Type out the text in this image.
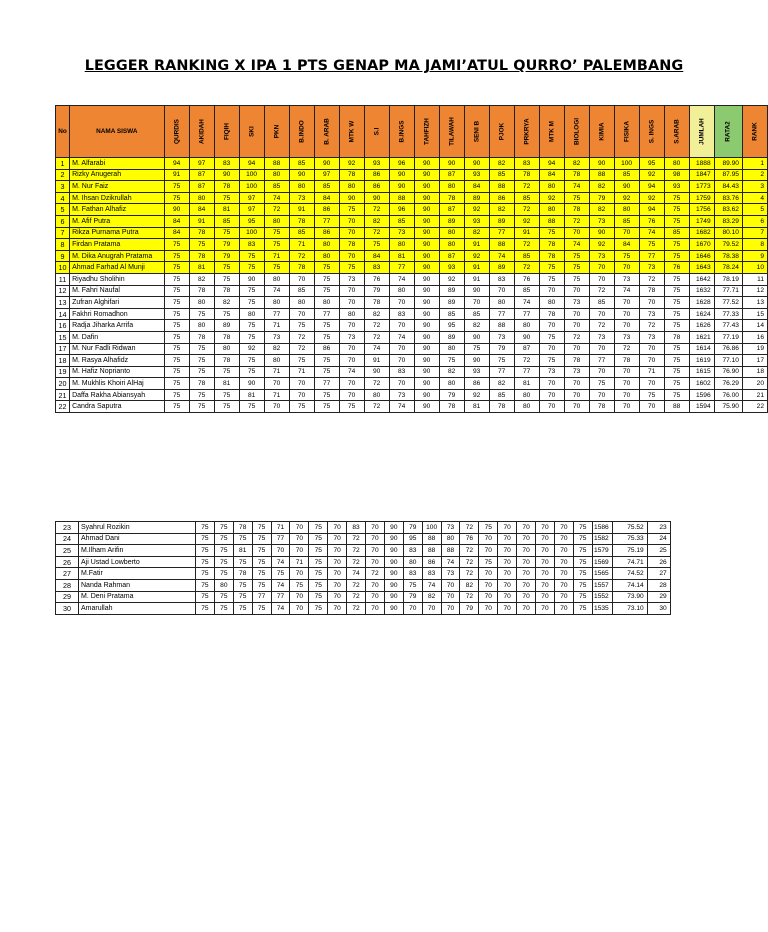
LEGGER RANKING X IPA 1 PTS GENAP MA JAMI’ATUL QURRO’ PALEMBANG
No	NAMA SISWA	QURDIS	AKIDAH	FIQIH	SKI	PKN	B.INDO	B. ARAB	MTK W	S.I	B.INGS	TAHFIZH	TILAWAH	SENI B	PJOK	PRKRYA	MTK M	BIOLOGI	KIMIA	FISIKA	S. INGS	S.ARAB	JUMLAH	RATA2	RANK

1	M. Alfarabi	94	97	83	94	88	85	90	92	93	96	90	90	90	82	83	94	82	90	100	95	80	1888	89.90	1
2	Rizky Anugerah	91	87	90	100	80	90	97	78	86	90	90	87	93	85	78	84	78	88	85	92	98	1847	87.95	2
3	M. Nur Faiz	75	87	78	100	85	80	85	80	86	90	90	80	84	88	72	80	74	82	90	94	93	1773	84.43	3
4	M. Ihsan Dzikrullah	75	80	75	97	74	73	84	90	90	88	90	78	89	86	85	92	75	79	92	92	75	1759	83.76	4
5	M. Fathan Alhafiz	90	84	81	97	72	91	86	75	72	96	90	87	92	82	72	80	78	82	80	94	75	1756	83.62	5
6	M. Afif Putra	84	91	85	95	80	78	77	70	82	85	90	89	93	89	92	88	72	73	85	76	75	1749	83.29	6
7	Rikza Purnama Putra	84	78	75	100	75	85	86	70	72	73	90	80	82	77	91	75	70	90	70	74	85	1682	80.10	7
8	Firdan Pratama	75	75	79	83	75	71	80	78	75	80	90	80	91	88	72	78	74	92	84	75	75	1670	79.52	8
9	M. Dika Anugrah Pratama	75	78	79	75	71	72	80	70	84	81	90	87	92	74	85	78	75	73	75	77	75	1646	78.38	9
10	Ahmad Farhad Al Munji	75	81	75	75	75	78	75	75	83	77	90	93	91	89	72	75	75	70	70	73	76	1643	78.24	10
11	Riyadhu Sholihin	75	82	75	90	80	70	75	73	76	74	90	92	91	83	76	75	75	70	73	72	75	1642	78.19	11
12	M. Fahri Naufal	75	78	78	75	74	85	75	70	79	80	90	89	90	70	85	70	70	72	74	78	75	1632	77.71	12
13	Zufran Alghifari	75	80	82	75	80	80	80	70	78	70	90	89	70	80	74	80	73	85	70	70	75	1628	77.52	13
14	Fakhri Romadhon	75	75	75	80	77	70	77	80	82	83	90	85	85	77	77	78	70	70	70	73	75	1624	77.33	15
16	Radja Jiharka Arrifa	75	80	89	75	71	75	75	70	72	70	90	95	82	88	80	70	70	72	70	72	75	1626	77.43	14
15	M. Dafin	75	78	78	75	73	72	75	73	72	74	90	89	90	73	90	75	72	73	73	73	78	1621	77.19	16
17	M. Nur Fadli Ridwan	75	75	80	92	82	72	86	70	74	70	90	80	75	79	87	70	70	70	72	70	75	1614	76.86	19
18	M. Rasya Alhafidz	75	75	78	75	80	75	75	70	91	70	90	75	90	75	72	75	78	77	78	70	75	1619	77.10	17
19	M. Hafiz Noprianto	75	75	75	75	71	71	75	74	90	83	90	82	93	77	77	73	73	70	70	71	75	1615	76.90	18
20	M. Mukhlis Khoiri AlHaj	75	78	81	90	70	70	77	70	72	70	90	80	86	82	81	70	70	75	70	70	75	1602	76.29	20
21	Daffa Rakha Abiansyah	75	75	75	81	71	70	75	70	80	73	90	79	92	85	80	70	70	70	70	75	75	1596	76.00	21
22	Candra Saputra	75	75	75	75	70	75	75	75	72	74	90	78	81	78	80	70	70	78	70	70	88	1594	75.90	22
23	Syahrul Rozikin	75	75	78	75	71	70	75	70	83	70	90	79	100	73	72	75	70	70	70	70	75	1586	75.52	23
24	Ahmad Dani	75	75	75	75	77	70	75	70	72	70	90	95	88	80	76	70	70	70	70	70	75	1582	75.33	24
25	M.Ilham Arifin	75	75	81	75	70	70	75	70	72	70	90	83	88	88	72	70	70	70	70	70	75	1579	75.19	25
26	Aji Ustad Lowberto	75	75	75	75	74	71	75	70	72	70	90	80	86	74	72	75	70	70	70	70	75	1569	74.71	26
27	M.Fatir	75	75	78	75	75	70	75	70	74	72	90	83	83	73	72	70	70	70	70	70	75	1565	74.52	27
28	Nanda Rahman	75	80	75	75	74	75	75	70	72	70	90	75	74	70	82	70	70	70	70	70	75	1557	74.14	28
29	M. Deni Pratama	75	75	75	77	77	70	75	70	72	70	90	79	82	70	72	70	70	70	70	70	75	1552	73.90	29
30	Amarullah	75	75	75	75	74	70	75	70	72	70	90	70	70	70	79	70	70	70	70	70	75	1535	73.10	30
